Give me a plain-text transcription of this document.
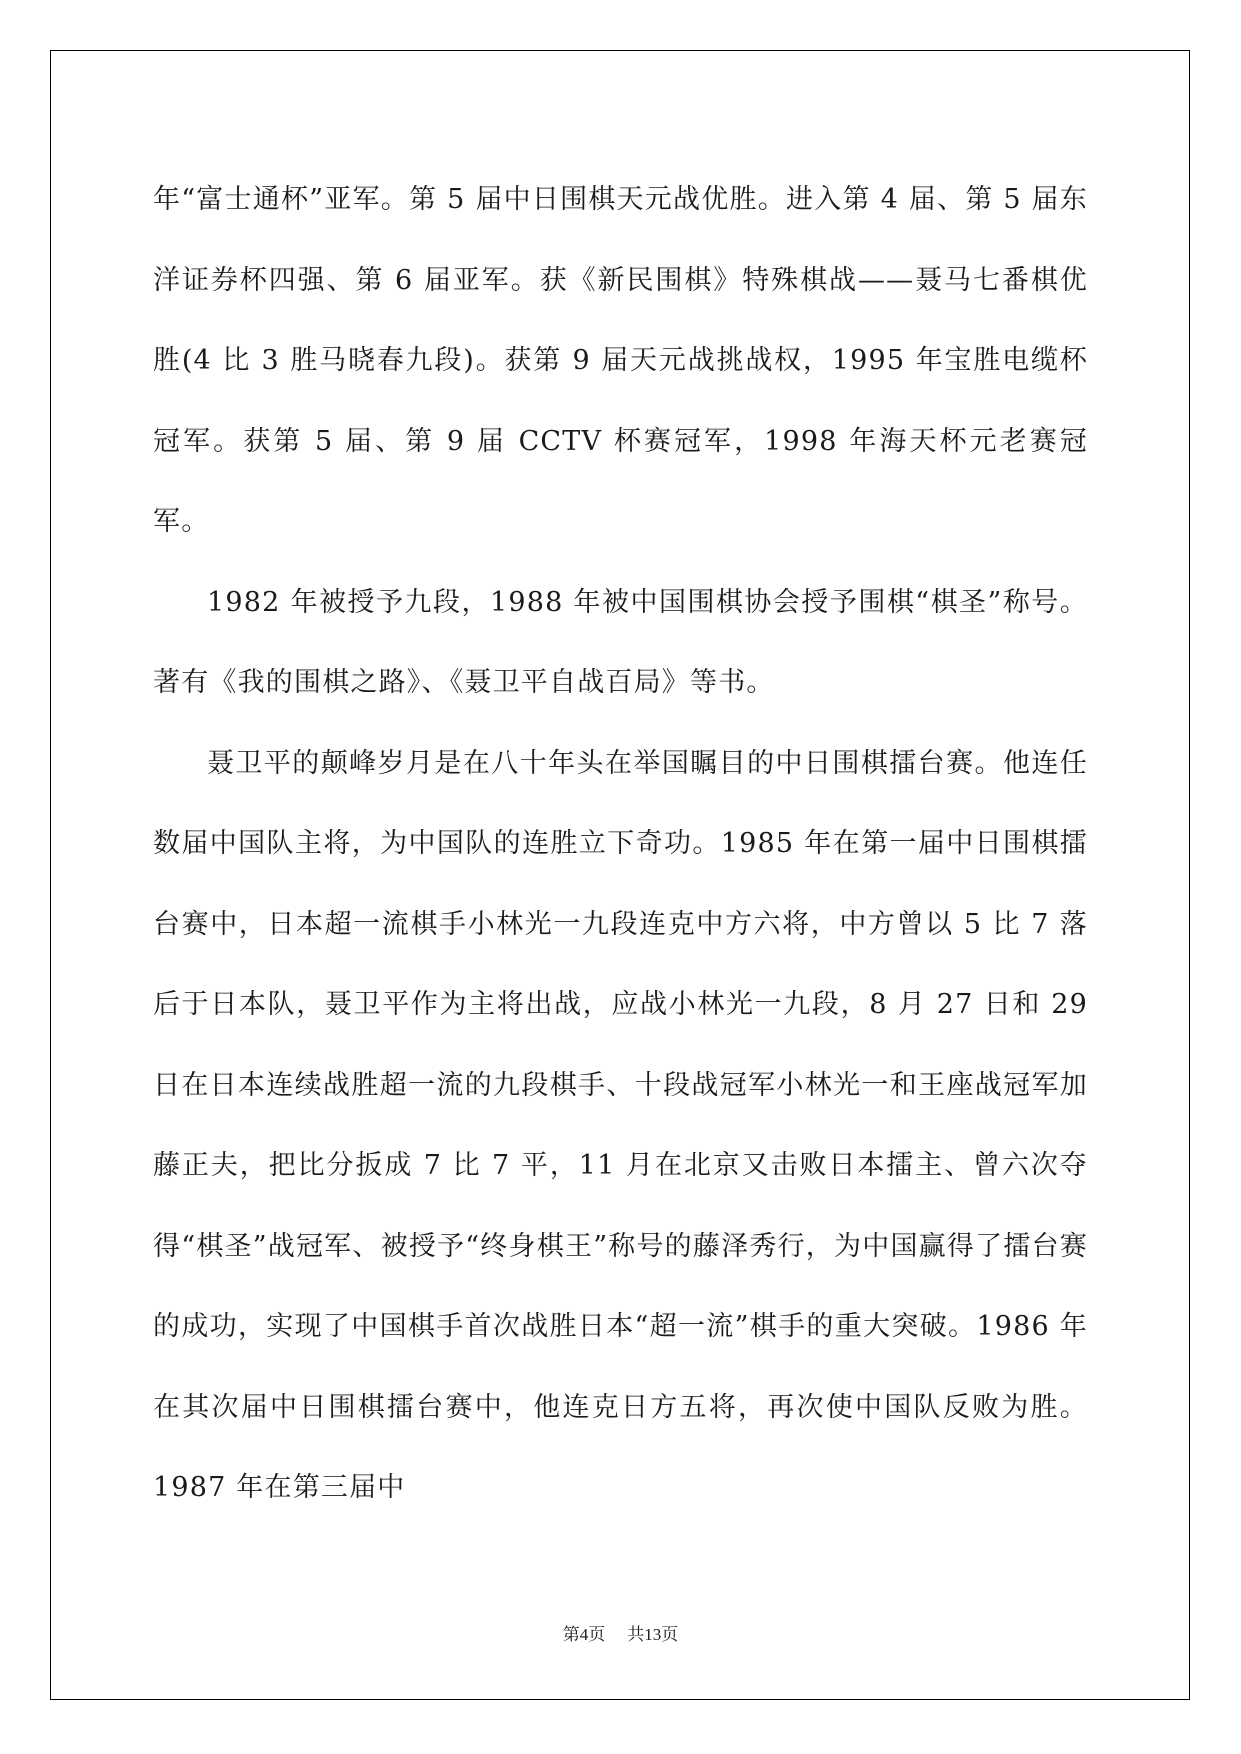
年“富士通杯”亚军。第 5 届中日围棋天元战优胜。进入第 4 届、第 5 届东洋证券杯四强、第 6 届亚军。获《新民围棋》特殊棋战——聂马七番棋优胜(4 比 3 胜马晓春九段)。获第 9 届天元战挑战权，1995 年宝胜电缆杯冠军。获第 5 届、第 9 届 CCTV 杯赛冠军，1998 年海天杯元老赛冠军。

1982 年被授予九段，1988 年被中国围棋协会授予围棋“棋圣”称号。著有《我的围棋之路》、《聂卫平自战百局》等书。

聂卫平的颠峰岁月是在八十年头在举国瞩目的中日围棋擂台赛。他连任数届中国队主将，为中国队的连胜立下奇功。1985 年在第一届中日围棋擂台赛中，日本超一流棋手小林光一九段连克中方六将，中方曾以 5 比 7 落后于日本队，聂卫平作为主将出战，应战小林光一九段，8 月 27 日和 29 日在日本连续战胜超一流的九段棋手、十段战冠军小林光一和王座战冠军加藤正夫，把比分扳成 7 比 7 平，11 月在北京又击败日本擂主、曾六次夺得“棋圣”战冠军、被授予“终身棋王”称号的藤泽秀行，为中国赢得了擂台赛的成功，实现了中国棋手首次战胜日本“超一流”棋手的重大突破。1986 年在其次届中日围棋擂台赛中，他连克日方五将，再次使中国队反败为胜。1987 年在第三届中

第4页 共13页
